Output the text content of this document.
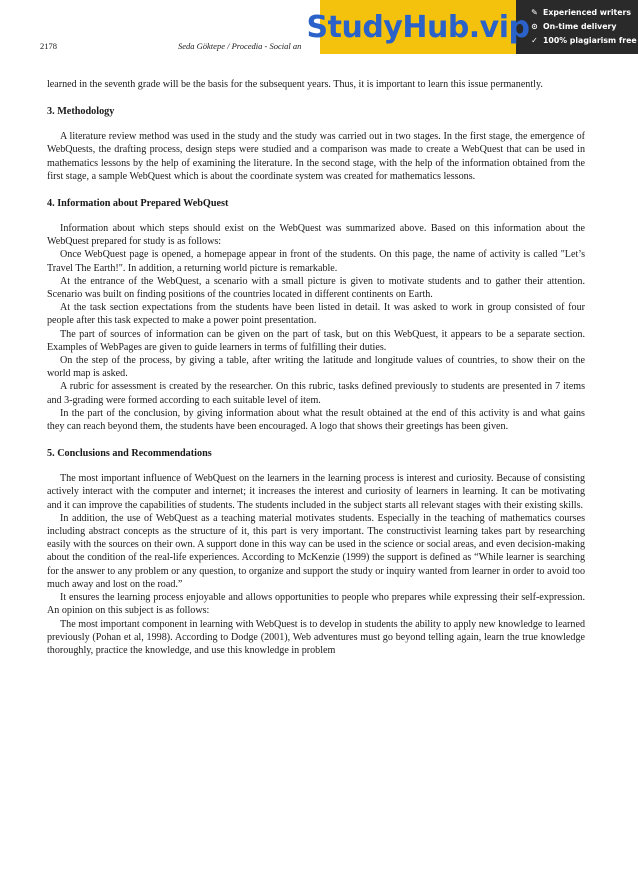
2178	Seda Göktepe / Procedia - Social an
StudyHub.vip ✎ Experienced writers
⊙ On-time delivery
✓ 100% plagiarism free

learned in the seventh grade will be the basis for the subsequent years. Thus, it is important to learn this issue permanently.

3. Methodology

A literature review method was used in the study and the study was carried out in two stages. In the first stage, the emergence of WebQuests, the drafting process, design steps were studied and a comparison was made to create a WebQuest that can be used in mathematics lessons by the help of examining the literature. In the second stage, with the help of the information obtained from the first stage, a sample WebQuest which is about the coordinate system was created for mathematics lessons.

4. Information about Prepared WebQuest

Information about which steps should exist on the WebQuest was summarized above. Based on this information about the WebQuest prepared for study is as follows:

Once WebQuest page is opened, a homepage appear in front of the students. On this page, the name of activity is called "Let’s Travel The Earth!". In addition, a returning world picture is remarkable.

At the entrance of the WebQuest, a scenario with a small picture is given to motivate students and to gather their attention. Scenario was built on finding positions of the countries located in different continents on Earth.

At the task section expectations from the students have been listed in detail. It was asked to work in group consisted of four people after this task expected to make a power point presentation.

The part of sources of information can be given on the part of task, but on this WebQuest, it appears to be a separate section. Examples of WebPages are given to guide learners in terms of fulfilling their duties.

On the step of the process, by giving a table, after writing the latitude and longitude values of countries, to show their on the world map is asked.

A rubric for assessment is created by the researcher. On this rubric, tasks defined previously to students are presented in 7 items and 3-grading were formed according to each suitable level of item.

In the part of the conclusion, by giving information about what the result obtained at the end of this activity is and what gains they can reach beyond them, the students have been encouraged. A logo that shows their greetings has been given.

5. Conclusions and Recommendations

The most important influence of WebQuest on the learners in the learning process is interest and curiosity. Because of consisting actively interact with the computer and internet; it increases the interest and curiosity of learners in learning. It can be motivating and it can improve the capabilities of students. The students included in the subject starts all relevant stages with their existing skills.

In addition, the use of WebQuest as a teaching material motivates students. Especially in the teaching of mathematics courses including abstract concepts as the structure of it, this part is very important. The constructivist learning takes part by researching easily with the sources on their own. A support done in this way can be used in the science or social areas, and even decision-making about the condition of the real-life experiences. According to McKenzie (1999) the support is defined as “While learner is searching for the answer to any problem or any question, to organize and support the study or inquiry wanted from learner in order to avoid too much away and lost on the road.”

It ensures the learning process enjoyable and allows opportunities to people who prepares while expressing their self-expression. An opinion on this subject is as follows:

The most important component in learning with WebQuest is to develop in students the ability to apply new knowledge to learned previously (Pohan et al, 1998). According to Dodge (2001), Web adventures must go beyond telling again, learn the true knowledge thoroughly, practice the knowledge, and use this knowledge in problem
